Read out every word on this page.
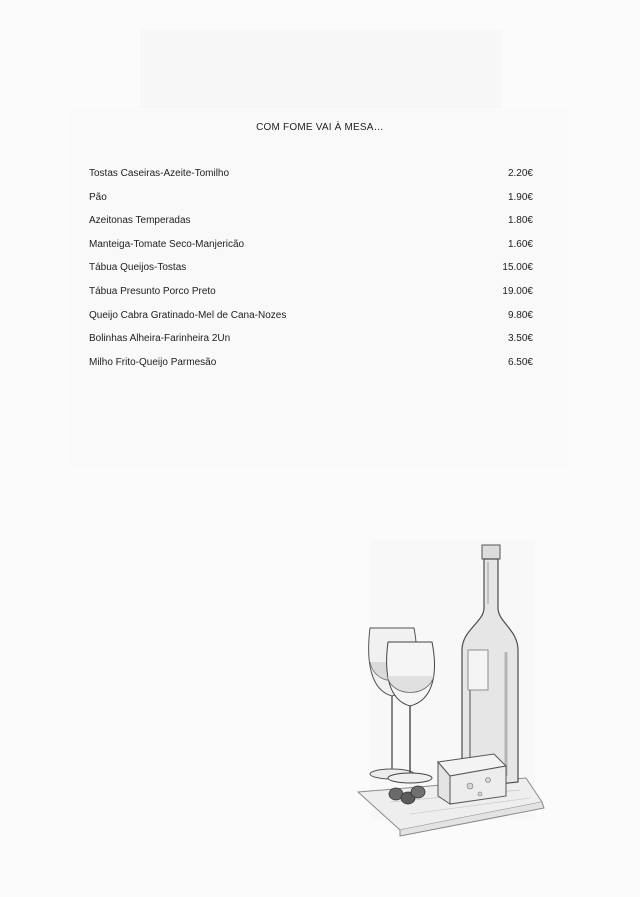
COM FOME VAI À MESA…
Tostas Caseiras-Azeite-Tomilho	2.20€
Pão	1.90€
Azeitonas Temperadas	1.80€
Manteiga-Tomate Seco-Manjericão	1.60€
Tábua Queijos-Tostas	15.00€
Tábua Presunto Porco Preto	19.00€
Queijo Cabra Gratinado-Mel de Cana-Nozes	9.80€
Bolinhas Alheira-Farinheira 2Un	3.50€
Milho Frito-Queijo Parmesão	6.50€
